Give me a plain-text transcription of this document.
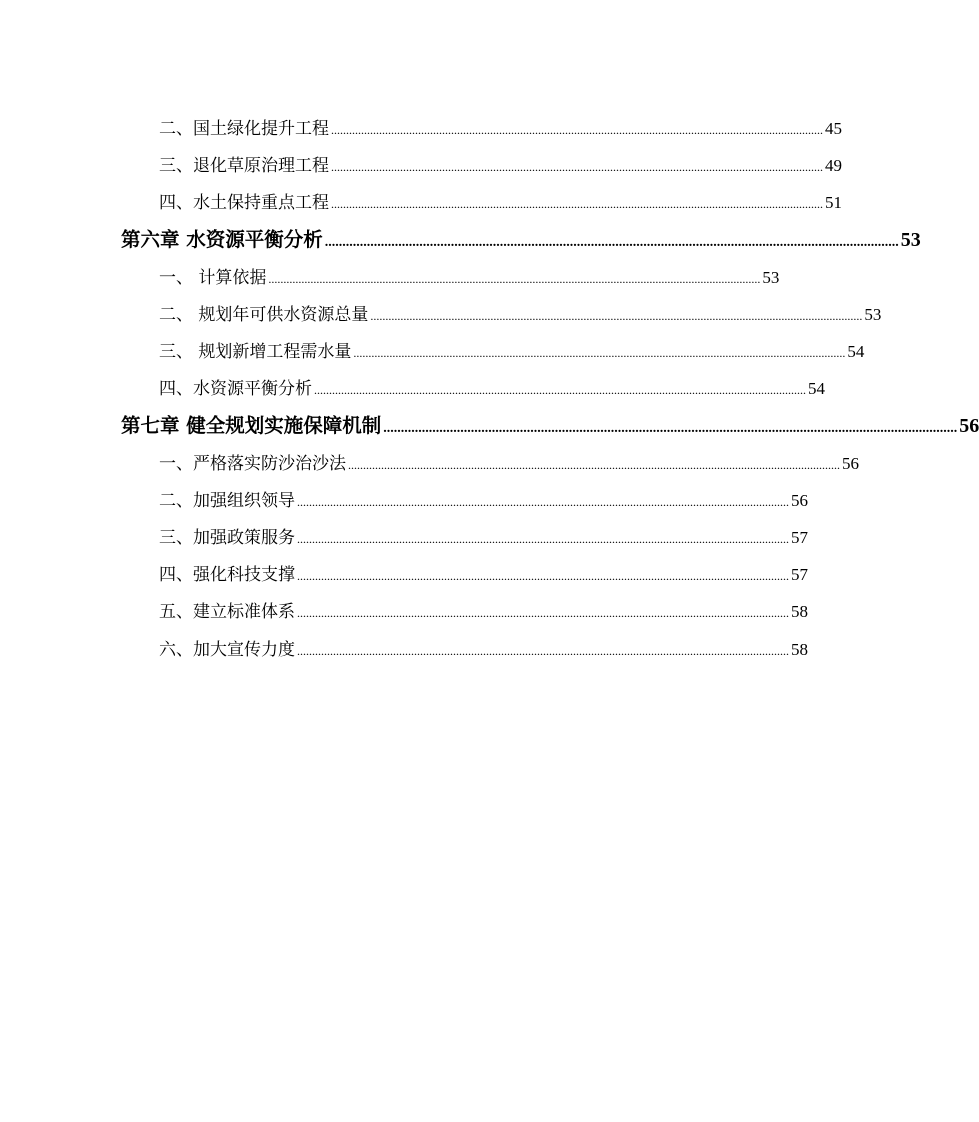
二、国土绿化提升工程 .................................................................................................................................................................... 45
三、退化草原治理工程 .................................................................................................................................................................... 49
四、水土保持重点工程 .................................................................................................................................................................... 51
第六章 水资源平衡分析 .................................................................................................................................................................... 53
一、 计算依据 .................................................................................................................................................................... 53
二、 规划年可供水资源总量 .................................................................................................................................................................... 53
三、 规划新增工程需水量 .................................................................................................................................................................... 54
四、水资源平衡分析 .................................................................................................................................................................... 54
第七章 健全规划实施保障机制 .................................................................................................................................................................... 56
一、严格落实防沙治沙法 .................................................................................................................................................................... 56
二、加强组织领导 .................................................................................................................................................................... 56
三、加强政策服务 .................................................................................................................................................................... 57
四、强化科技支撑 .................................................................................................................................................................... 57
五、建立标准体系 .................................................................................................................................................................... 58
六、加大宣传力度 .................................................................................................................................................................... 58
